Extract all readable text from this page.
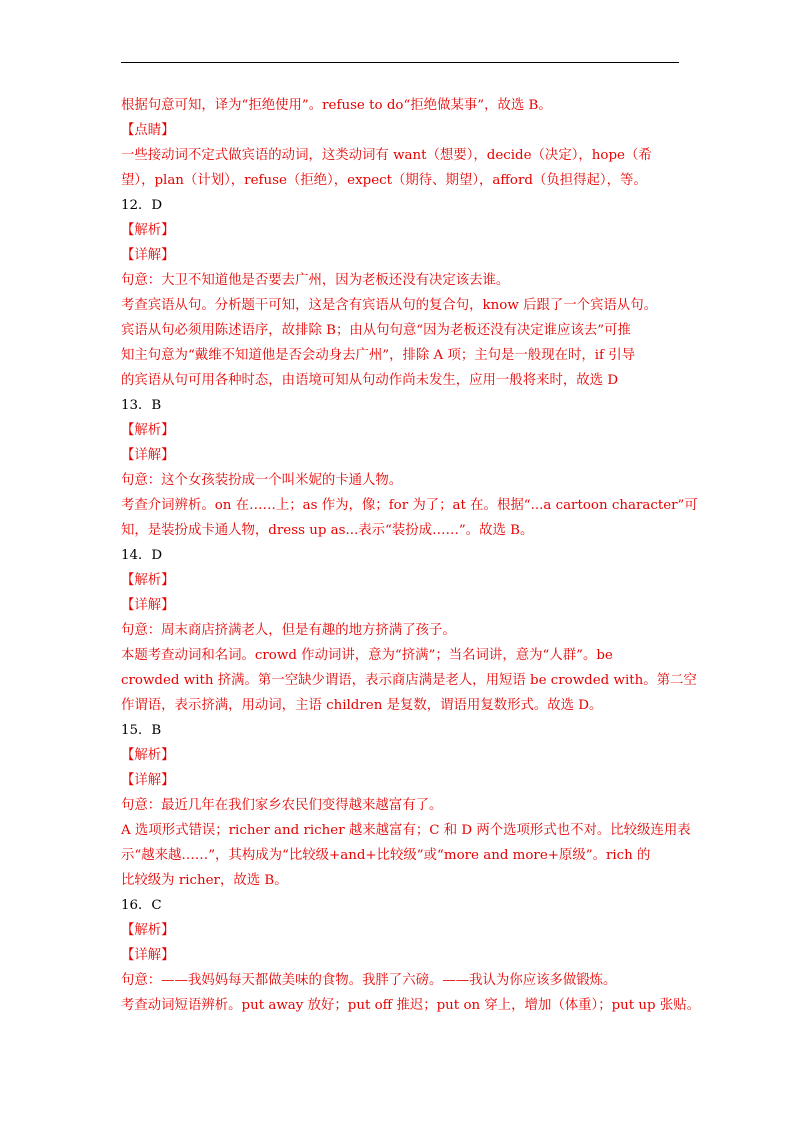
根据句意可知，译为“拒绝使用”。refuse to do“拒绝做某事”，故选 B。
【点睛】
一些接动词不定式做宾语的动词，这类动词有 want（想要），decide（决定），hope（希
望），plan（计划），refuse（拒绝），expect（期待、期望），afford（负担得起），等。
12．D
【解析】
【详解】
句意：大卫不知道他是否要去广州，因为老板还没有决定该去谁。
考查宾语从句。分析题干可知，这是含有宾语从句的复合句，know 后跟了一个宾语从句。
宾语从句必须用陈述语序，故排除 B；由从句句意“因为老板还没有决定谁应该去”可推
知主句意为“戴维不知道他是否会动身去广州”，排除 A 项；主句是一般现在时，if 引导
的宾语从句可用各种时态，由语境可知从句动作尚未发生，应用一般将来时，故选 D
13．B
【解析】
【详解】
句意：这个女孩装扮成一个叫米妮的卡通人物。
考查介词辨析。on 在……上；as 作为，像；for 为了；at 在。根据“...a cartoon character”可
知，是装扮成卡通人物，dress up as...表示“装扮成……”。故选 B。
14．D
【解析】
【详解】
句意：周末商店挤满老人，但是有趣的地方挤满了孩子。
本题考查动词和名词。crowd 作动词讲，意为“挤满”；当名词讲，意为“人群”。be
crowded with 挤满。第一空缺少谓语，表示商店满是老人，用短语 be crowded with。第二空
作谓语，表示挤满，用动词，主语 children 是复数，谓语用复数形式。故选 D。
15．B
【解析】
【详解】
句意：最近几年在我们家乡农民们变得越来越富有了。
A 选项形式错误；richer and richer 越来越富有；C 和 D 两个选项形式也不对。比较级连用表
示“越来越……”，其构成为“比较级+and+比较级”或“more and more+原级”。rich 的
比较级为 richer，故选 B。
16．C
【解析】
【详解】
句意：——我妈妈每天都做美味的食物。我胖了六磅。——我认为你应该多做锻炼。
考查动词短语辨析。put away 放好；put off 推迟；put on 穿上，增加（体重）；put up 张贴。
